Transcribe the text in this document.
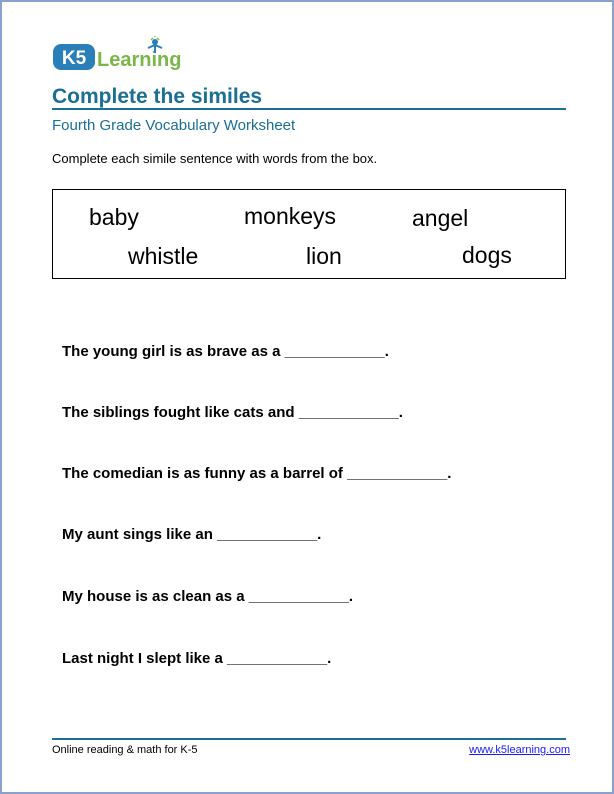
K5 Learning
Complete the similes
Fourth Grade Vocabulary Worksheet
Complete each simile sentence with words from the box.
baby	monkeys	angel
whistle	lion	dogs
The young girl is as brave as a ____________.
The siblings fought like cats and ____________.
The comedian is as funny as a barrel of ____________.
My aunt sings like an ____________.
My house is as clean as a ____________.
Last night I slept like a ____________.
Online reading & math for K-5	www.k5learning.com
